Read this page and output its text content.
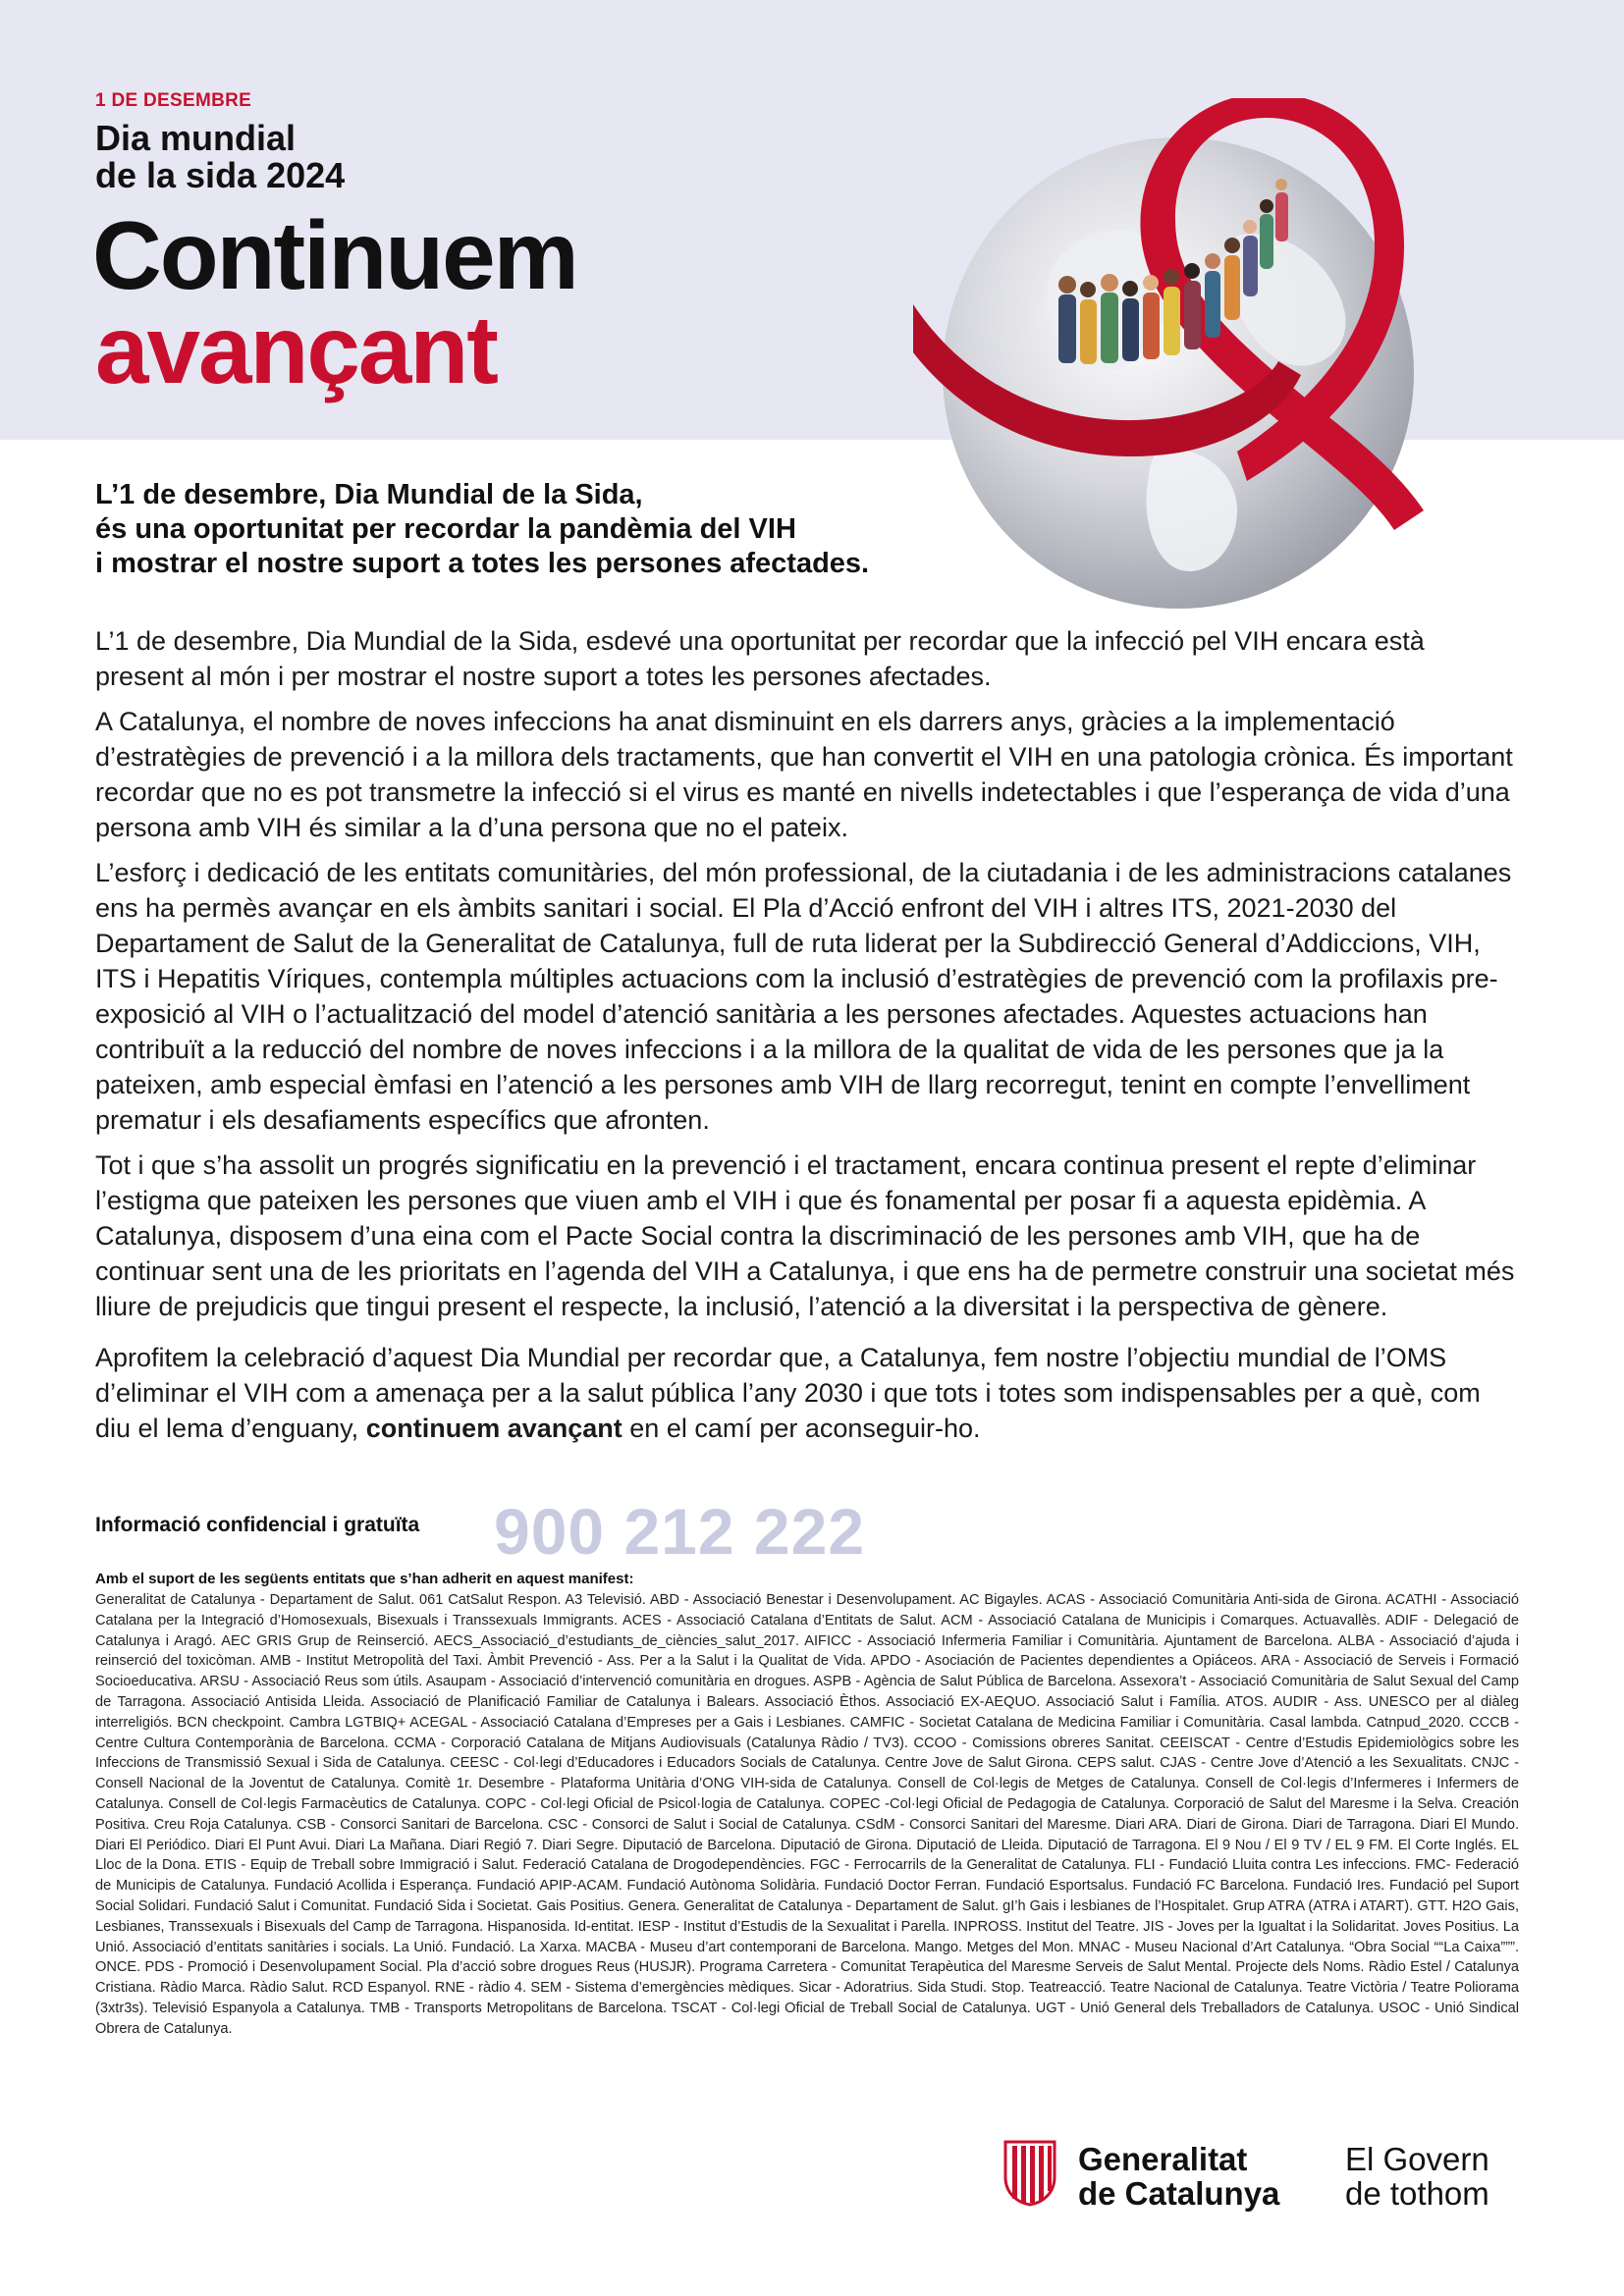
1 DE DESEMBRE
Dia mundial
de la sida 2024
Continuem
avançant
L’1 de desembre, Dia Mundial de la Sida,
és una oportunitat per recordar la pandèmia del VIH
i mostrar el nostre suport a totes les persones afectades.

L’1 de desembre, Dia Mundial de la Sida, esdevé una oportunitat per recordar que la infecció pel VIH encara està present al món i per mostrar el nostre suport a totes les persones afectades.

A Catalunya, el nombre de noves infeccions ha anat disminuint en els darrers anys, gràcies a la implementació d’estratègies de prevenció i a la millora dels tractaments, que han convertit el VIH en una patologia crònica. És important recordar que no es pot transmetre la infecció si el virus es manté en nivells indetectables i que l’esperança de vida d’una persona amb VIH és similar a la d’una persona que no el pateix.

L’esforç i dedicació de les entitats comunitàries, del món professional, de la ciutadania i de les administracions catalanes ens ha permès avançar en els àmbits sanitari i social. El Pla d’Acció enfront del VIH i altres ITS, 2021-2030 del Departament de Salut de la Generalitat de Catalunya, full de ruta liderat per la Subdirecció General d’Addiccions, VIH, ITS i Hepatitis Víriques, contempla múltiples actuacions com la inclusió d’estratègies de prevenció com la profilaxis pre-exposició al VIH o l’actualització del model d’atenció sanitària a les persones afectades. Aquestes actuacions han contribuït a la reducció del nombre de noves infeccions i a la millora de la qualitat de vida de les persones que ja la pateixen, amb especial èmfasi en l’atenció a les persones amb VIH de llarg recorregut, tenint en compte l’envelliment prematur i els desafiaments específics que afronten.

Tot i que s’ha assolit un progrés significatiu en la prevenció i el tractament, encara continua present el repte d’eliminar l’estigma que pateixen les persones que viuen amb el VIH i que és fonamental per posar fi a aquesta epidèmia. A Catalunya, disposem d’una eina com el Pacte Social contra la discriminació de les persones amb VIH, que ha de continuar sent una de les prioritats en l’agenda del VIH a Catalunya, i que ens ha de permetre construir una societat més lliure de prejudicis que tingui present el respecte, la inclusió, l’atenció a la diversitat i la perspectiva de gènere.

Aprofitem la celebració d’aquest Dia Mundial per recordar que, a Catalunya, fem nostre l’objectiu mundial de l’OMS d’eliminar el VIH com a amenaça per a la salut pública l’any 2030 i que tots i totes som indispensables per a què, com diu el lema d’enguany, continuem avançant en el camí per aconseguir-ho.

Informació confidencial i gratuïta 900 212 222
Amb el suport de les següents entitats que s’han adherit en aquest manifest:
Generalitat de Catalunya - Departament de Salut. 061 CatSalut Respon. A3 Televisió. ABD - Associació Benestar i Desenvolupament. AC Bigayles. ACAS - Associació Comunitària Anti-sida de Girona. ACATHI - Associació Catalana per la Integració d’Homosexuals, Bisexuals i Transsexuals Immigrants. ACES - Associació Catalana d’Entitats de Salut. ACM - Associació Catalana de Municipis i Comarques. Actuavallès. ADIF - Delegació de Catalunya i Aragó. AEC GRIS Grup de Reinserció. AECS_Associació_d’estudiants_de_ciències_salut_2017. AIFICC - Associació Infermeria Familiar i Comunitària. Ajuntament de Barcelona. ALBA - Associació d’ajuda i reinserció del toxicòman. AMB - Institut Metropolità del Taxi. Àmbit Prevenció - Ass. Per a la Salut i la Qualitat de Vida. APDO - Asociación de Pacientes dependientes a Opiáceos. ARA - Associació de Serveis i Formació Socioeducativa. ARSU - Associació Reus som útils. Asaupam - Associació d’intervenció comunitària en drogues. ASPB - Agència de Salut Pública de Barcelona. Assexora’t - Associació Comunitària de Salut Sexual del Camp de Tarragona. Associació Antisida Lleida. Associació de Planificació Familiar de Catalunya i Balears. Associació Èthos. Associació EX-AEQUO. Associació Salut i Família. ATOS. AUDIR - Ass. UNESCO per al diàleg interreligiós. BCN checkpoint. Cambra LGTBIQ+ ACEGAL - Associació Catalana d’Empreses per a Gais i Lesbianes. CAMFIC - Societat Catalana de Medicina Familiar i Comunitària. Casal lambda. Catnpud_2020. CCCB - Centre Cultura Contemporània de Barcelona. CCMA - Corporació Catalana de Mitjans Audiovisuals (Catalunya Ràdio / TV3). CCOO - Comissions obreres Sanitat. CEEISCAT - Centre d’Estudis Epidemiològics sobre les Infeccions de Transmissió Sexual i Sida de Catalunya. CEESC - Col·legi d’Educadores i Educadors Socials de Catalunya. Centre Jove de Salut Girona. CEPS salut. CJAS - Centre Jove d’Atenció a les Sexualitats. CNJC - Consell Nacional de la Joventut de Catalunya. Comitè 1r. Desembre - Plataforma Unitària d’ONG VIH-sida de Catalunya. Consell de Col·legis de Metges de Catalunya. Consell de Col·legis d’Infermeres i Infermers de Catalunya. Consell de Col·legis Farmacèutics de Catalunya. COPC - Col·legi Oficial de Psicol·logia de Catalunya. COPEC -Col·legi Oficial de Pedagogia de Catalunya. Corporació de Salut del Maresme i la Selva. Creación Positiva. Creu Roja Catalunya. CSB - Consorci Sanitari de Barcelona. CSC - Consorci de Salut i Social de Catalunya. CSdM - Consorci Sanitari del Maresme. Diari ARA. Diari de Girona. Diari de Tarragona. Diari El Mundo. Diari El Periódico. Diari El Punt Avui. Diari La Mañana. Diari Regió 7. Diari Segre. Diputació de Barcelona. Diputació de Girona. Diputació de Lleida. Diputació de Tarragona. El 9 Nou / El 9 TV / EL 9 FM. El Corte Inglés. EL Lloc de la Dona. ETIS - Equip de Treball sobre Immigració i Salut. Federació Catalana de Drogodependències. FGC - Ferrocarrils de la Generalitat de Catalunya. FLI - Fundació Lluita contra Les infeccions. FMC- Federació de Municipis de Catalunya. Fundació Acollida i Esperança. Fundació APIP-ACAM. Fundació Autònoma Solidària. Fundació Doctor Ferran. Fundació Esportsalus. Fundació FC Barcelona. Fundació Ires. Fundació pel Suport Social Solidari. Fundació Salut i Comunitat. Fundació Sida i Societat. Gais Positius. Genera. Generalitat de Catalunya - Departament de Salut. gI’h Gais i lesbianes de l’Hospitalet. Grup ATRA (ATRA i ATART). GTT. H2O Gais, Lesbianes, Transsexuals i Bisexuals del Camp de Tarragona. Hispanosida. Id-entitat. IESP - Institut d’Estudis de la Sexualitat i Parella. INPROSS. Institut del Teatre. JIS - Joves per la Igualtat i la Solidaritat. Joves Positius. La Unió. Associació d’entitats sanitàries i socials. La Unió. Fundació. La Xarxa. MACBA - Museu d’art contemporani de Barcelona. Mango. Metges del Mon. MNAC - Museu Nacional d’Art Catalunya. “Obra Social ““La Caixa”””. ONCE. PDS - Promoció i Desenvolupament Social. Pla d’acció sobre drogues Reus (HUSJR). Programa Carretera - Comunitat Terapèutica del Maresme Serveis de Salut Mental. Projecte dels Noms. Ràdio Estel / Catalunya Cristiana. Ràdio Marca. Ràdio Salut. RCD Espanyol. RNE - ràdio 4. SEM - Sistema d’emergències mèdiques. Sicar - Adoratrius. Sida Studi. Stop. Teatreacció. Teatre Nacional de Catalunya. Teatre Victòria / Teatre Poliorama (3xtr3s). Televisió Espanyola a Catalunya. TMB - Transports Metropolitans de Barcelona. TSCAT - Col·legi Oficial de Treball Social de Catalunya. UGT - Unió General dels Treballadors de Catalunya. USOC - Unió Sindical Obrera de Catalunya.
Generalitat
de Catalunya
El Govern
de tothom
